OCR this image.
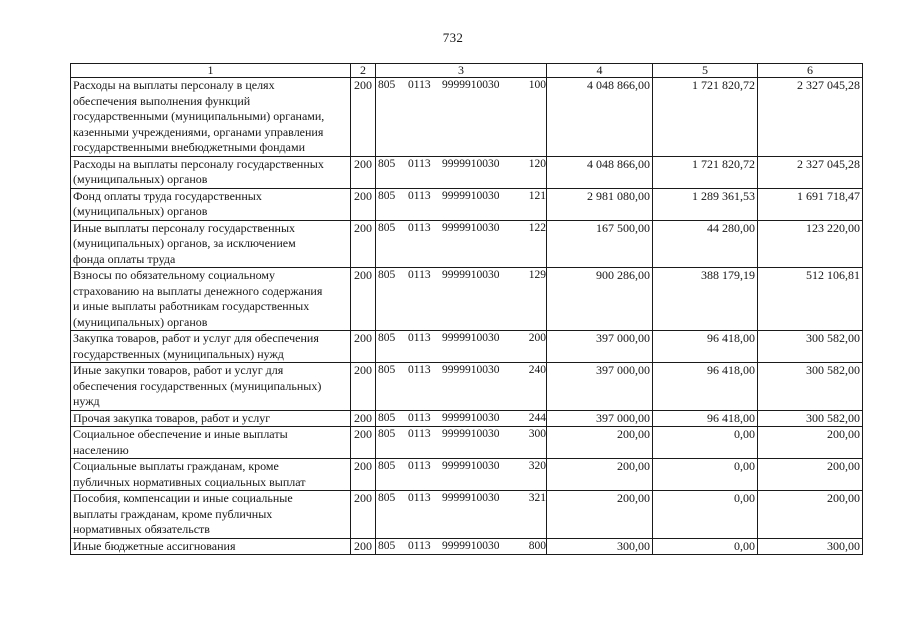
732
1	2	3	4	5	6

Расходы на выплаты персоналу в целях
обеспечения выполнения функций
государственными (муниципальными) органами,
казенными учреждениями, органами управления
государственными внебюджетными фондами	200	805 0113 9999910030 100	4 048 866,00	1 721 820,72	2 327 045,28

Расходы на выплаты персоналу государственных
(муниципальных) органов	200	805 0113 9999910030 120	4 048 866,00	1 721 820,72	2 327 045,28

Фонд оплаты труда государственных
(муниципальных) органов	200	805 0113 9999910030 121	2 981 080,00	1 289 361,53	1 691 718,47

Иные выплаты персоналу государственных
(муниципальных) органов, за исключением
фонда оплаты труда	200	805 0113 9999910030 122	167 500,00	44 280,00	123 220,00

Взносы по обязательному социальному
страхованию на выплаты денежного содержания
и иные выплаты работникам государственных
(муниципальных) органов	200	805 0113 9999910030 129	900 286,00	388 179,19	512 106,81

Закупка товаров, работ и услуг для обеспечения
государственных (муниципальных) нужд	200	805 0113 9999910030 200	397 000,00	96 418,00	300 582,00

Иные закупки товаров, работ и услуг для
обеспечения государственных (муниципальных)
нужд	200	805 0113 9999910030 240	397 000,00	96 418,00	300 582,00

Прочая закупка товаров, работ и услуг	200	805 0113 9999910030 244	397 000,00	96 418,00	300 582,00

Социальное обеспечение и иные выплаты
населению	200	805 0113 9999910030 300	200,00	0,00	200,00

Социальные выплаты гражданам, кроме
публичных нормативных социальных выплат	200	805 0113 9999910030 320	200,00	0,00	200,00

Пособия, компенсации и иные социальные
выплаты гражданам, кроме публичных
нормативных обязательств	200	805 0113 9999910030 321	200,00	0,00	200,00

Иные бюджетные ассигнования	200	805 0113 9999910030 800	300,00	0,00	300,00
